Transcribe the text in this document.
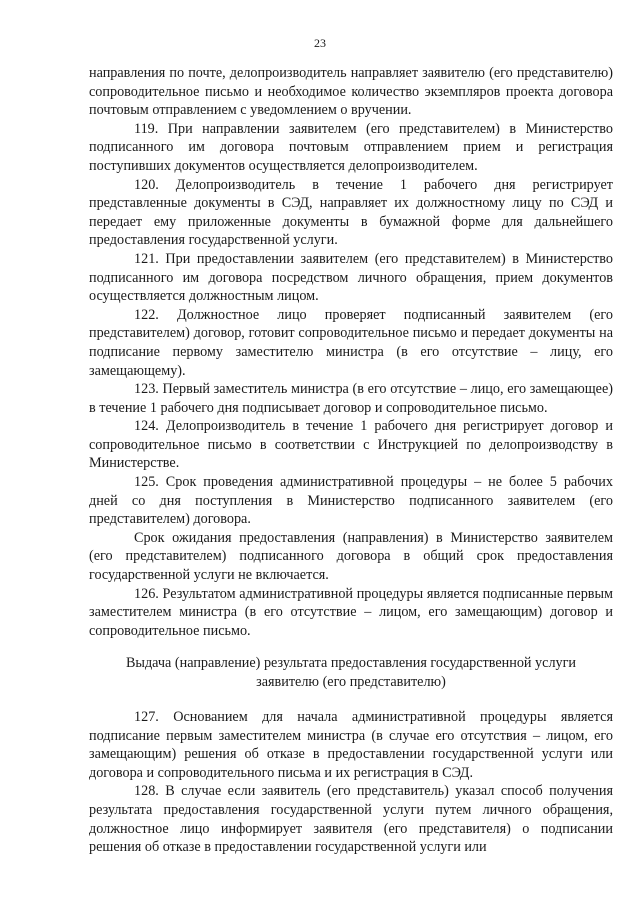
23

направления по почте, делопроизводитель направляет заявителю (его представителю) сопроводительное письмо и необходимое количество экземпляров проекта договора почтовым отправлением с уведомлением о вручении.

119. При направлении заявителем (его представителем) в Министерство подписанного им договора почтовым отправлением прием и регистрация поступивших документов осуществляется делопроизводителем.

120. Делопроизводитель в течение 1 рабочего дня регистрирует представленные документы в СЭД, направляет их должностному лицу по СЭД и передает ему приложенные документы в бумажной форме для дальнейшего предоставления государственной услуги.

121. При предоставлении заявителем (его представителем) в Министерство подписанного им договора посредством личного обращения, прием документов осуществляется должностным лицом.

122. Должностное лицо проверяет подписанный заявителем (его представителем) договор, готовит сопроводительное письмо и передает документы на подписание первому заместителю министра (в его отсутствие – лицу, его замещающему).

123. Первый заместитель министра (в его отсутствие – лицо, его замещающее) в течение 1 рабочего дня подписывает договор и сопроводительное письмо.

124. Делопроизводитель в течение 1 рабочего дня регистрирует договор и сопроводительное письмо в соответствии с Инструкцией по делопроизводству в Министерстве.

125. Срок проведения административной процедуры – не более 5 рабочих дней со дня поступления в Министерство подписанного заявителем (его представителем) договора.

Срок ожидания предоставления (направления) в Министерство заявителем (его представителем) подписанного договора в общий срок предоставления государственной услуги не включается.

126. Результатом административной процедуры является подписанные первым заместителем министра (в его отсутствие – лицом, его замещающим) договор и сопроводительное письмо.

Выдача (направление) результата предоставления государственной услуги
заявителю (его представителю)

127. Основанием для начала административной процедуры является подписание первым заместителем министра (в случае его отсутствия – лицом, его замещающим) решения об отказе в предоставлении государственной услуги или договора и сопроводительного письма и их регистрация в СЭД.

128. В случае если заявитель (его представитель) указал способ получения результата предоставления государственной услуги путем личного обращения, должностное лицо информирует заявителя (его представителя) о подписании решения об отказе в предоставлении государственной услуги или
